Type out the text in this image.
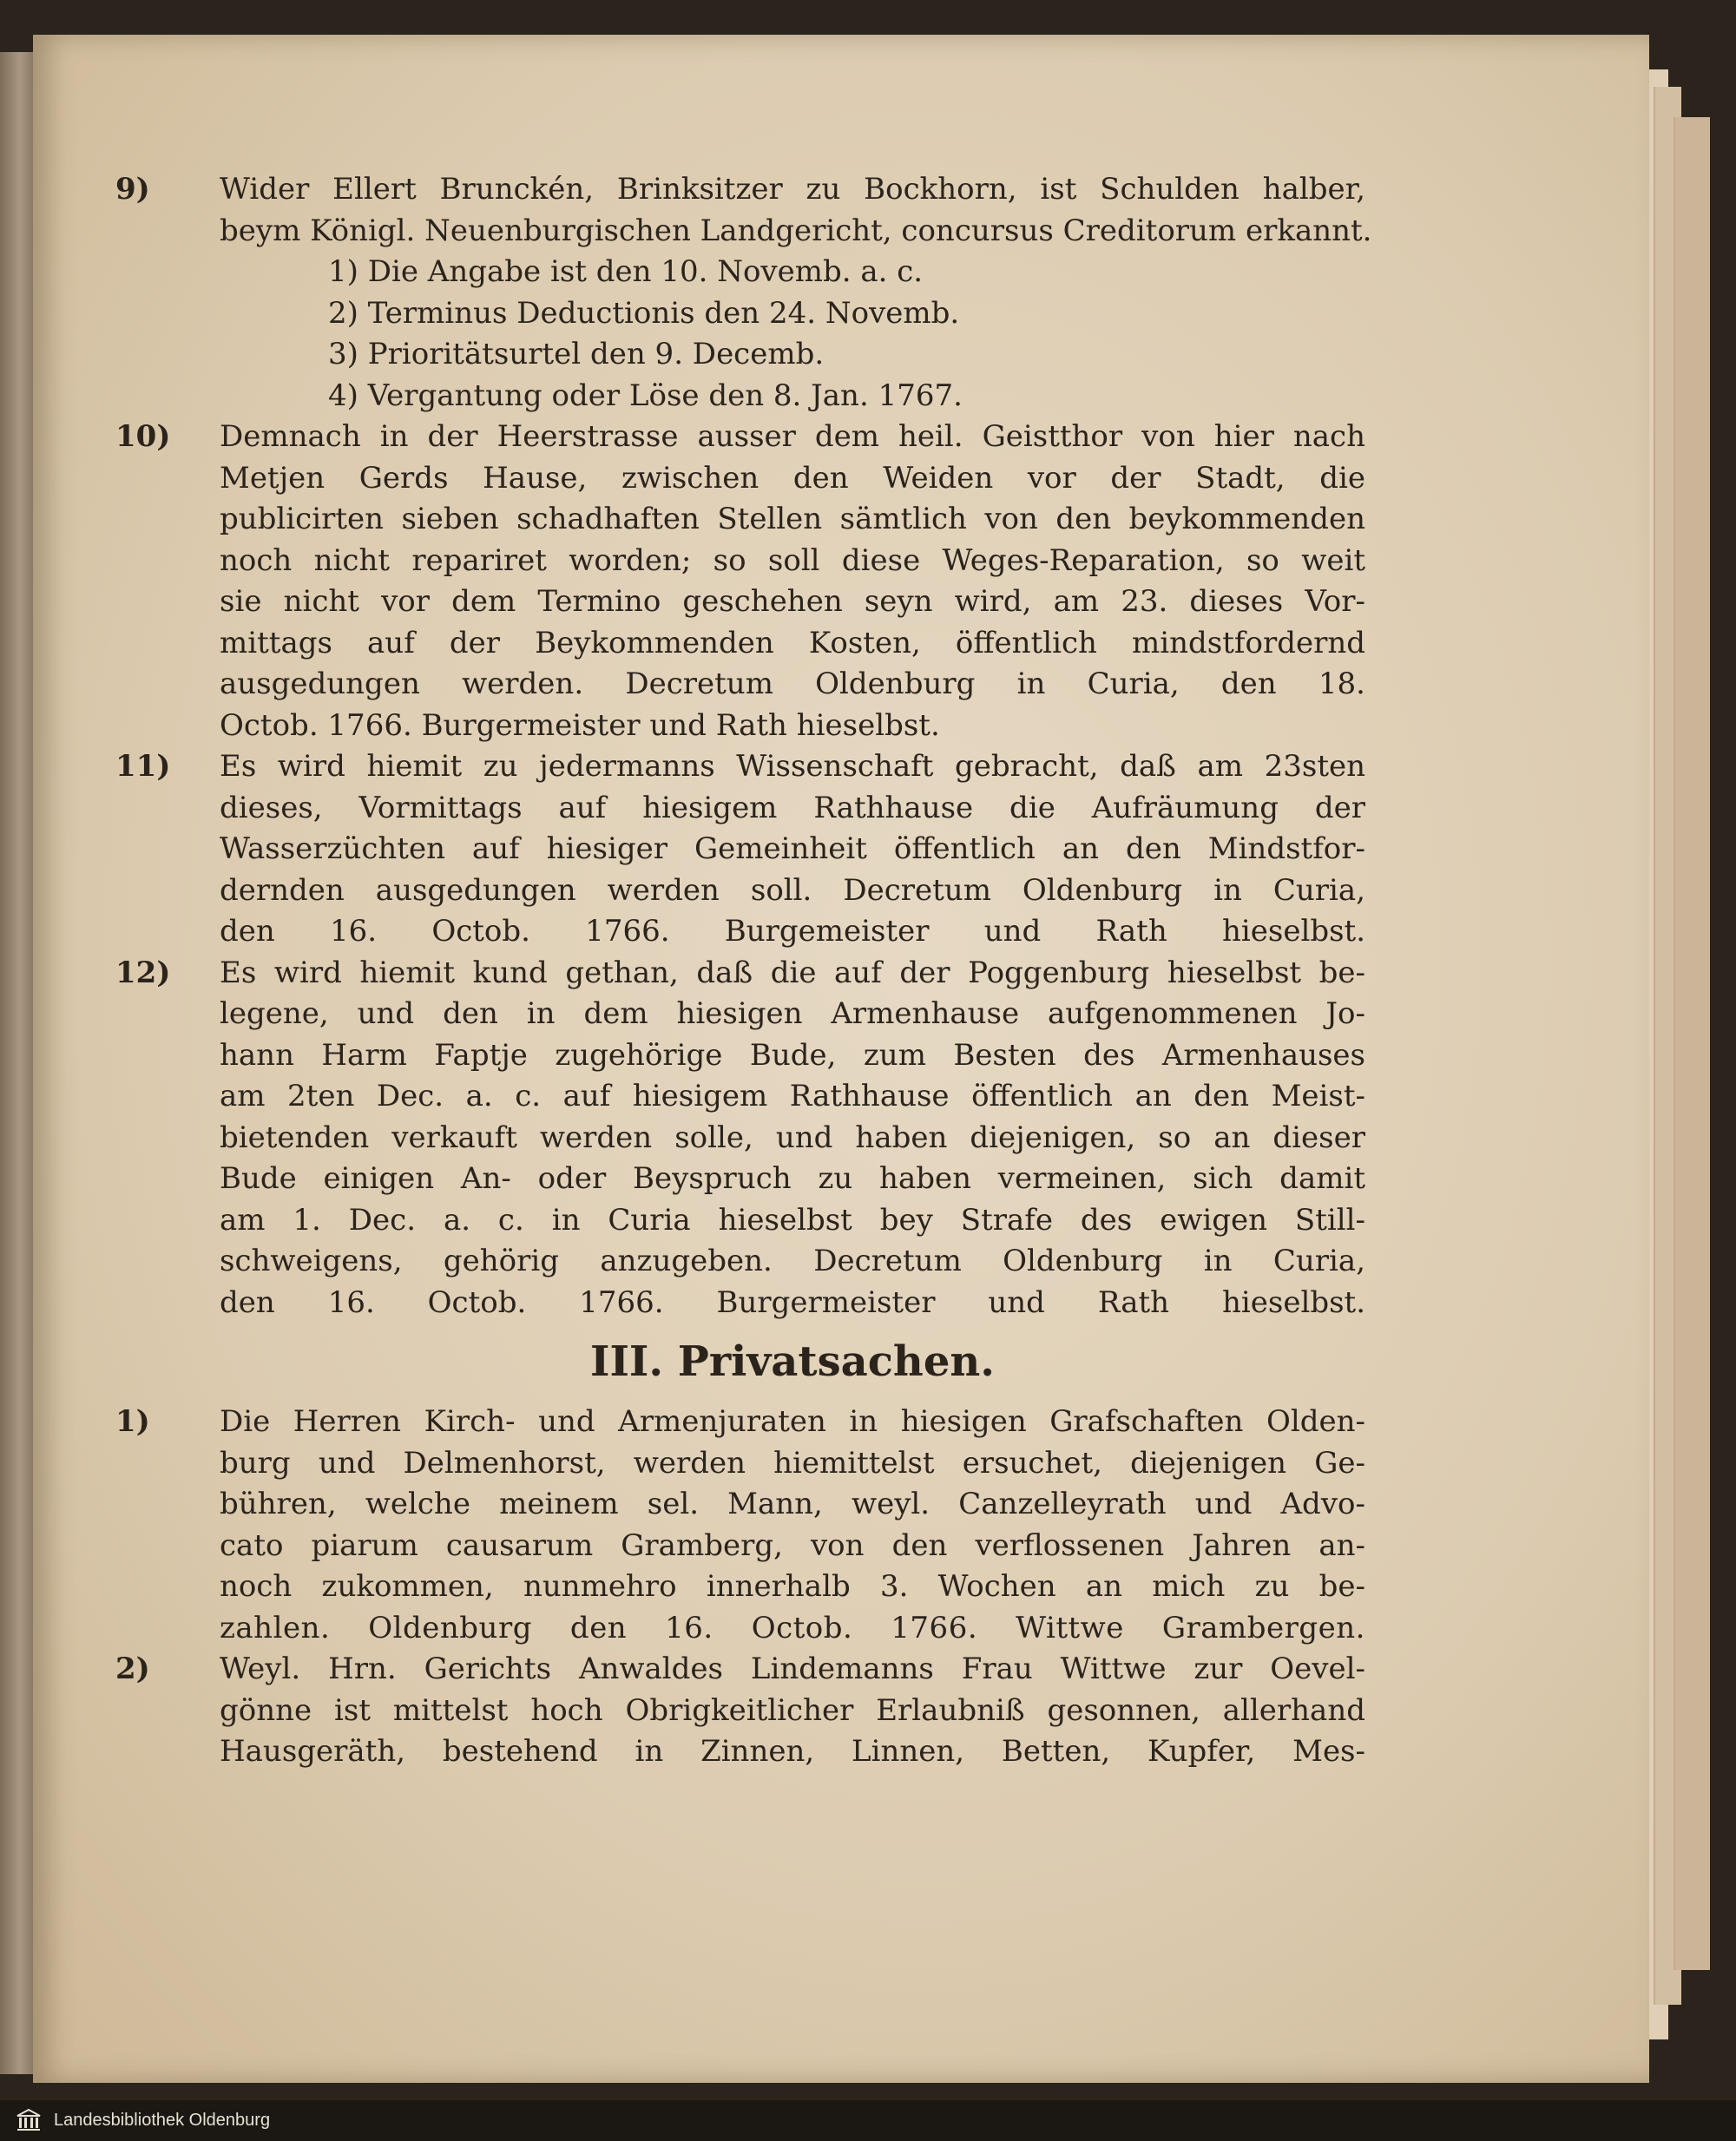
9)	Wider Ellert Brunckén, Brinksitzer zu Bockhorn, ist Schulden halber,
beym Königl. Neuenburgischen Landgericht, concursus Creditorum erkannt.
1) Die Angabe ist den 10. Novemb. a. c.
2) Terminus Deductionis den 24. Novemb.
3) Prioritätsurtel den 9. Decemb.
4) Vergantung oder Löse den 8. Jan. 1767.
10)	Demnach in der Heerstrasse ausser dem heil. Geistthor von hier nach
Metjen Gerds Hause, zwischen den Weiden vor der Stadt, die
publicirten sieben schadhaften Stellen sämtlich von den beykommenden
noch nicht repariret worden; so soll diese Weges-Reparation, so weit
sie nicht vor dem Termino geschehen seyn wird, am 23. dieses Vor-
mittags auf der Beykommenden Kosten, öffentlich mindstfordernd
ausgedungen werden. Decretum Oldenburg in Curia, den 18.
Octob. 1766. Burgermeister und Rath hieselbst.
11)	Es wird hiemit zu jedermanns Wissenschaft gebracht, daß am 23sten
dieses, Vormittags auf hiesigem Rathhause die Aufräumung der
Wasserzüchten auf hiesiger Gemeinheit öffentlich an den Mindstfor-
dernden ausgedungen werden soll. Decretum Oldenburg in Curia,
den 16. Octob. 1766. Burgemeister und Rath hieselbst.
12)	Es wird hiemit kund gethan, daß die auf der Poggenburg hieselbst be-
legene, und den in dem hiesigen Armenhause aufgenommenen Jo-
hann Harm Faptje zugehörige Bude, zum Besten des Armenhauses
am 2ten Dec. a. c. auf hiesigem Rathhause öffentlich an den Meist-
bietenden verkauft werden solle, und haben diejenigen, so an dieser
Bude einigen An- oder Beyspruch zu haben vermeinen, sich damit
am 1. Dec. a. c. in Curia hieselbst bey Strafe des ewigen Still-
schweigens, gehörig anzugeben. Decretum Oldenburg in Curia,
den 16. Octob. 1766. Burgermeister und Rath hieselbst.
III. Privatsachen.
1)	Die Herren Kirch- und Armenjuraten in hiesigen Grafschaften Olden-
burg und Delmenhorst, werden hiemittelst ersuchet, diejenigen Ge-
bühren, welche meinem sel. Mann, weyl. Canzelleyrath und Advo-
cato piarum causarum Gramberg, von den verflossenen Jahren an-
noch zukommen, nunmehro innerhalb 3. Wochen an mich zu be-
zahlen. Oldenburg den 16. Octob. 1766. Wittwe Grambergen.
2)	Weyl. Hrn. Gerichts Anwaldes Lindemanns Frau Wittwe zur Oevel-
gönne ist mittelst hoch Obrigkeitlicher Erlaubniß gesonnen, allerhand
Hausgeräth, bestehend in Zinnen, Linnen, Betten, Kupfer, Mes-
Landesbibliothek Oldenburg
